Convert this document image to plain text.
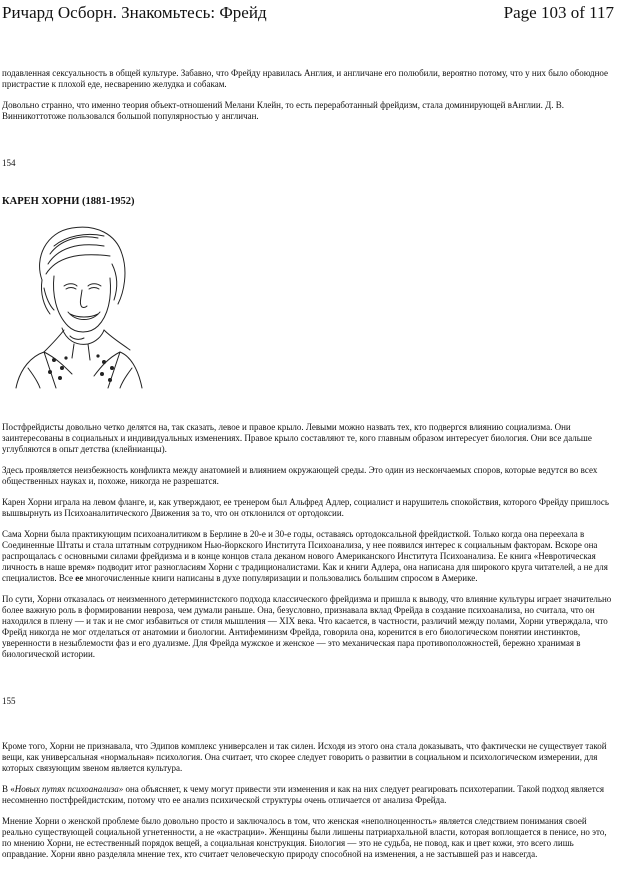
Ричард Осборн. Знакомьтесь: Фрейд	Page 103 of 117

подавленная сексуальность в общей культуре. Забавно, что Фрейду нравилась Англия, и англичане его полюбили, вероятно потому, что у них было обоюдное пристрастие к плохой еде, несварению желудка и собакам.

Довольно странно, что именно теория объект-отношений Мелани Клейн, то есть переработанный фрейдизм, стала доминирующей вАнглии. Д. В. Винникоттотоже пользовался большой популярностью у англичан.

154

КАРЕН ХОРНИ (1881-1952)

Постфрейдисты довольно четко делятся на, так сказать, левое и правое крыло. Левыми можно назвать тех, кто подвергся влиянию социализма. Они заинтересованы в социальных и индивидуальных изменениях. Правое крыло составляют те, кого главным образом интересует биология. Они все дальше углубляются в опыт детства (клейнианцы).

Здесь проявляется неизбежность конфликта между анатомией и влиянием окружающей среды. Это один из нескончаемых споров, которые ведутся во всех общественных науках и, похоже, никогда не разрешатся.

Карен Хорни играла на левом фланге, и, как утверждают, ее тренером был Альфред Адлер, социалист и нарушитель спокойствия, которого Фрейду пришлось вышвырнуть из Психоаналитического Движения за то, что он отклонился от ортодоксии.

Сама Хорни была практикующим психоаналитиком в Берлине в 20-е и 30-е годы, оставаясь ортодоксальной фрейдисткой. Только когда она переехала в Соединенные Штаты и стала штатным сотрудником Нью-йоркского Института Психоанализа, у нее появился интерес к социальным факторам. Вскоре она распрощалась с основными силами фрейдизма и в конце концов стала деканом нового Американского Института Психоанализа. Ее книга «Невротическая личность в наше время» подводит итог разногласиям Хорни с традиционалистами. Как и книги Адлера, она написана для широкого круга читателей, а не для специалистов. Все ее многочисленные книги написаны в духе популяризации и пользовались большим спросом в Америке.

По сути, Хорни отказалась от неизменного детерминистского подхода классического фрейдизма и пришла к выводу, что влияние культуры играет значительно более важную роль в формировании невроза, чем думали раньше. Она, безусловно, признавала вклад Фрейда в создание психоанализа, но считала, что он находился в плену — и так и не смог избавиться от стиля мышления — XIX века. Что касается, в частности, различий между полами, Хорни утверждала, что Фрейд никогда не мог отделаться от анатомии и биологии. Антифеминизм Фрейда, говорила она, коренится в его биологическом понятии инстинктов, уверенности в незыблемости фаз и его дуализме. Для Фрейда мужское и женское — это механическая пара противоположностей, бережно хранимая в биологической истории.

155

Кроме того, Хорни не признавала, что Эдипов комплекс универсален и так силен. Исходя из этого она стала доказывать, что фактически не существует такой вещи, как универсальная «нормальная» психология. Она считает, что скорее следует говорить о развитии в социальном и психологическом измерении, для которых связующим звеном является культура.

В «Новых путях психоанализа» она объясняет, к чему могут привести эти изменения и как на них следует реагировать психотерапии. Такой подход является несомненно постфрейдистским, потому что ее анализ психической структуры очень отличается от анализа Фрейда.

Мнение Хорни о женской проблеме было довольно просто и заключалось в том, что женская «неполноценность» является следствием понимания своей реально существующей социальной угнетенности, а не «кастрации». Женщины были лишены патриархальной власти, которая воплощается в пенисе, но это, по мнению Хорни, не естественный порядок вещей, а социальная конструкция. Биология — это не судьба, не повод, как и цвет кожи, это всего лишь оправдание. Хорни явно разделяла мнение тех, кто считает человеческую природу способной на изменения, а не застывшей раз и навсегда.
